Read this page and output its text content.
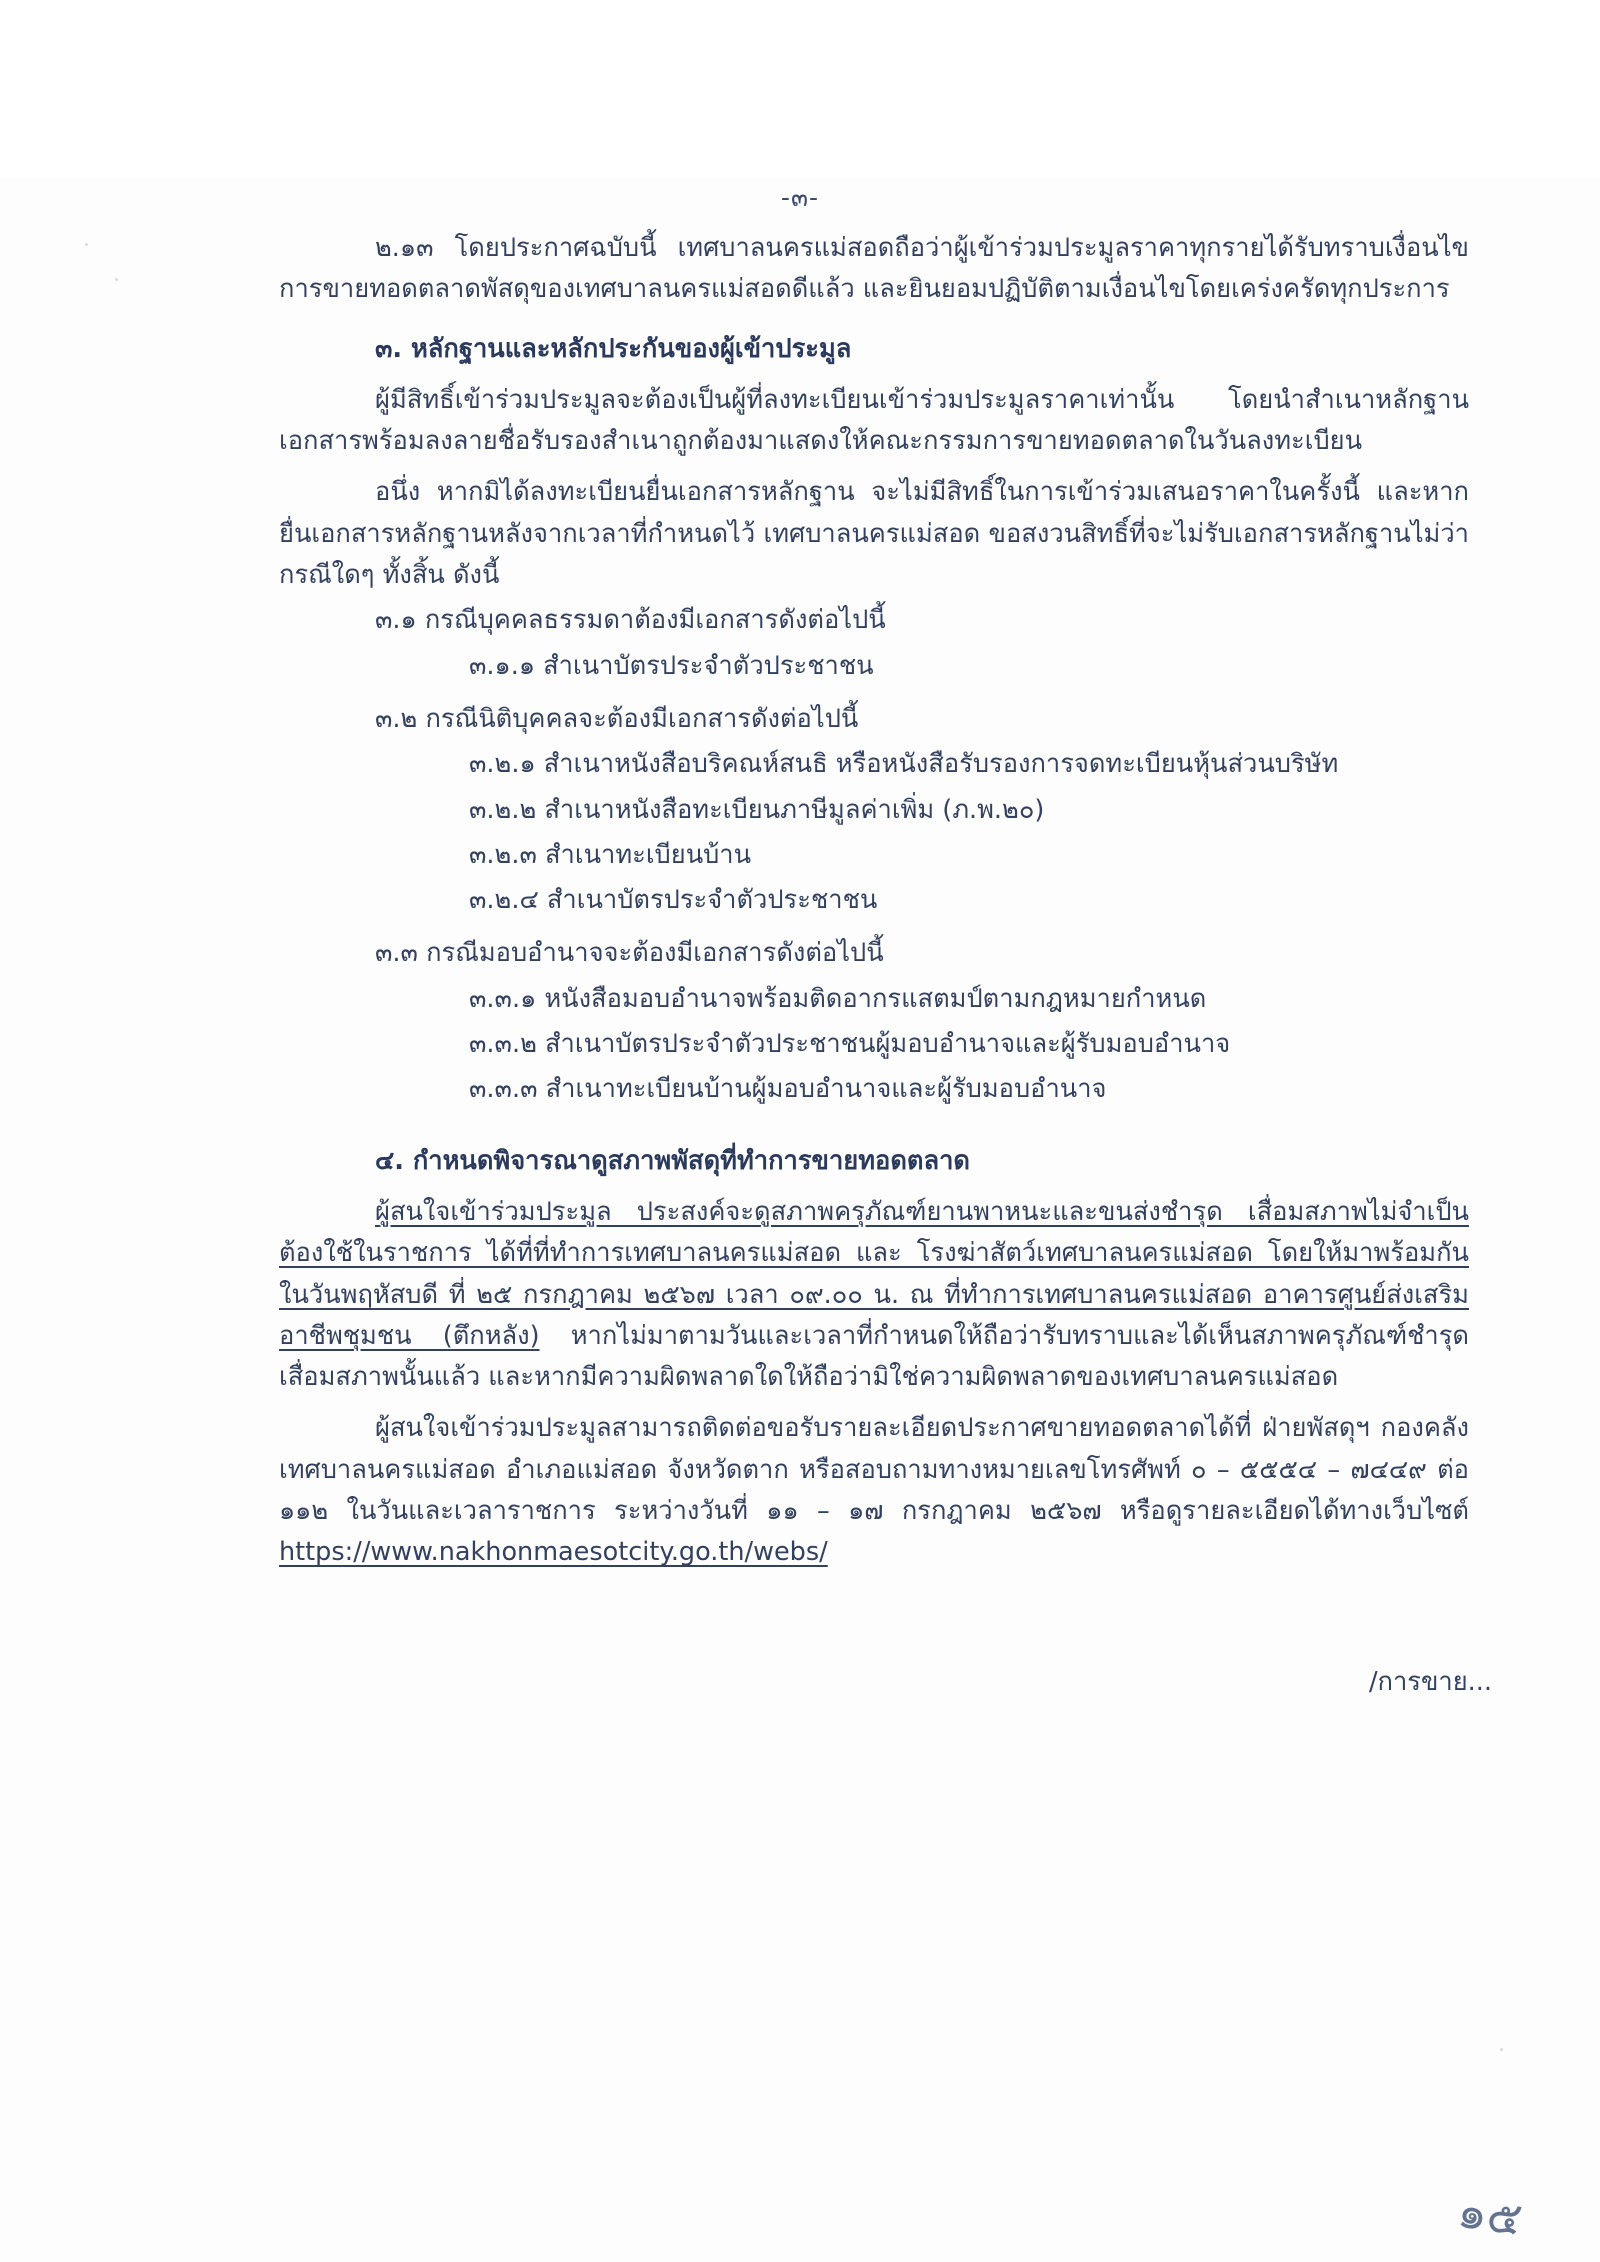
-๓-

๒.๑๓ โดยประกาศฉบับนี้ เทศบาลนครแม่สอดถือว่าผู้เข้าร่วมประมูลราคาทุกรายได้รับทราบเงื่อนไขการขายทอดตลาดพัสดุของเทศบาลนครแม่สอดดีแล้ว และยินยอมปฏิบัติตามเงื่อนไขโดยเคร่งครัดทุกประการ

๓. หลักฐานและหลักประกันของผู้เข้าประมูล

ผู้มีสิทธิ์เข้าร่วมประมูลจะต้องเป็นผู้ที่ลงทะเบียนเข้าร่วมประมูลราคาเท่านั้น โดยนำสำเนาหลักฐานเอกสารพร้อมลงลายชื่อรับรองสำเนาถูกต้องมาแสดงให้คณะกรรมการขายทอดตลาดในวันลงทะเบียน

อนึ่ง หากมิได้ลงทะเบียนยื่นเอกสารหลักฐาน จะไม่มีสิทธิ์ในการเข้าร่วมเสนอราคาในครั้งนี้ และหากยื่นเอกสารหลักฐานหลังจากเวลาที่กำหนดไว้ เทศบาลนครแม่สอด ขอสงวนสิทธิ์ที่จะไม่รับเอกสารหลักฐานไม่ว่ากรณีใดๆ ทั้งสิ้น ดังนี้

๓.๑ กรณีบุคคลธรรมดาต้องมีเอกสารดังต่อไปนี้

๓.๑.๑ สำเนาบัตรประจำตัวประชาชน

๓.๒ กรณีนิติบุคคลจะต้องมีเอกสารดังต่อไปนี้

๓.๒.๑ สำเนาหนังสือบริคณห์สนธิ หรือหนังสือรับรองการจดทะเบียนหุ้นส่วนบริษัท

๓.๒.๒ สำเนาหนังสือทะเบียนภาษีมูลค่าเพิ่ม (ภ.พ.๒๐)

๓.๒.๓ สำเนาทะเบียนบ้าน

๓.๒.๔ สำเนาบัตรประจำตัวประชาชน

๓.๓ กรณีมอบอำนาจจะต้องมีเอกสารดังต่อไปนี้

๓.๓.๑ หนังสือมอบอำนาจพร้อมติดอากรแสตมป์ตามกฎหมายกำหนด

๓.๓.๒ สำเนาบัตรประจำตัวประชาชนผู้มอบอำนาจและผู้รับมอบอำนาจ

๓.๓.๓ สำเนาทะเบียนบ้านผู้มอบอำนาจและผู้รับมอบอำนาจ

๔. กำหนดพิจารณาดูสภาพพัสดุที่ทำการขายทอดตลาด

ผู้สนใจเข้าร่วมประมูล ประสงค์จะดูสภาพครุภัณฑ์ยานพาหนะและขนส่งชำรุด เสื่อมสภาพไม่จำเป็นต้องใช้ในราชการ ได้ที่ที่ทำการเทศบาลนครแม่สอด และ โรงฆ่าสัตว์เทศบาลนครแม่สอด โดยให้มาพร้อมกันในวันพฤหัสบดี ที่ ๒๕ กรกฎาคม ๒๕๖๗ เวลา ๐๙.๐๐ น. ณ ที่ทำการเทศบาลนครแม่สอด อาคารศูนย์ส่งเสริมอาชีพชุมชน (ตึกหลัง) หากไม่มาตามวันและเวลาที่กำหนดให้ถือว่ารับทราบและได้เห็นสภาพครุภัณฑ์ชำรุด เสื่อมสภาพนั้นแล้ว และหากมีความผิดพลาดใดให้ถือว่ามิใช่ความผิดพลาดของเทศบาลนครแม่สอด

ผู้สนใจเข้าร่วมประมูลสามารถติดต่อขอรับรายละเอียดประกาศขายทอดตลาดได้ที่ ฝ่ายพัสดุฯ กองคลัง เทศบาลนครแม่สอด อำเภอแม่สอด จังหวัดตาก หรือสอบถามทางหมายเลขโทรศัพท์ ๐ – ๕๕๕๔ – ๗๔๔๙ ต่อ ๑๑๒ ในวันและเวลาราชการ ระหว่างวันที่ ๑๑ – ๑๗ กรกฎาคม ๒๕๖๗ หรือดูรายละเอียดได้ทางเว็บไซต์ https://www.nakhonmaesotcity.go.th/webs/

/การขาย...
๑๕
